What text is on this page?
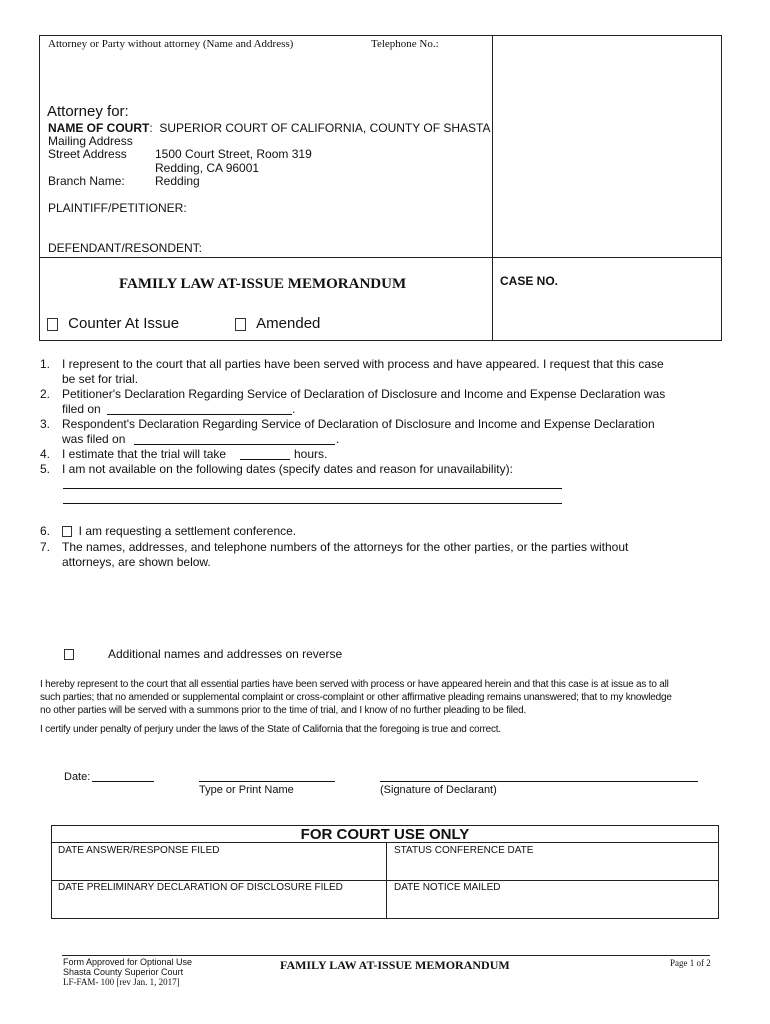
Attorney or Party without attorney (Name and Address)	Telephone No.:
Attorney for:
NAME OF COURT:  SUPERIOR COURT OF CALIFORNIA, COUNTY OF SHASTA
Mailing Address
Street Address 1500 Court Street, Room 319
Redding, CA 96001
Branch Name:	Redding
PLAINTIFF/PETITIONER:
DEFENDANT/RESONDENT:
FAMILY LAW AT-ISSUE MEMORANDUM	CASE NO.
Counter At Issue	Amended
1. I represent to the court that all parties have been served with process and have appeared. I request that this case
be set for trial.
2. Petitioner's Declaration Regarding Service of Declaration of Disclosure and Income and Expense Declaration was
filed on	.
3. Respondent's Declaration Regarding Service of Declaration of Disclosure and Income and Expense Declaration
was filed on	.
4. I estimate that the trial will take	hours.
5. I am not available on the following dates (specify dates and reason for unavailability):
6. I am requesting a settlement conference.
7. The names, addresses, and telephone numbers of the attorneys for the other parties, or the parties without
attorneys, are shown below.
Additional names and addresses on reverse
I hereby represent to the court that all essential parties have been served with process or have appeared herein and that this case is at issue as to all
such parties; that no amended or supplemental complaint or cross-complaint or other affirmative pleading remains unanswered; that to my knowledge
no other parties will be served with a summons prior to the time of trial, and I know of no further pleading to be filed.
I certify under penalty of perjury under the laws of the State of California that the foregoing is true and correct.
Date:
Type or Print Name	(Signature of Declarant)
FOR COURT USE ONLY
DATE ANSWER/RESPONSE FILED	STATUS CONFERENCE DATE
DATE PRELIMINARY DECLARATION OF DISCLOSURE FILED	DATE NOTICE MAILED
Form Approved for Optional Use
Shasta County Superior Court
LF-FAM- 100 [rev Jan. 1, 2017]
FAMILY LAW AT-ISSUE MEMORANDUM	Page 1 of 2
